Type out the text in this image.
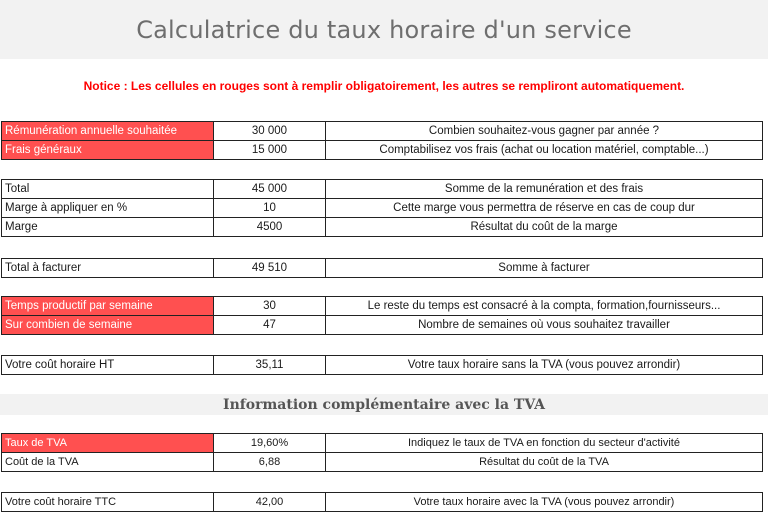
Calculatrice du taux horaire d'un service
Notice : Les cellules en rouges sont à remplir obligatoirement, les autres se rempliront automatiquement.
Rémunération annuelle souhaitée	30 000	Combien souhaitez-vous gagner par année ?
Frais généraux	15 000	Comptabilisez vos frais (achat ou location matériel, comptable...)
Total	45 000	Somme de la remunération et des frais
Marge à appliquer en %	10	Cette marge vous permettra de réserve en cas de coup dur
Marge	4500	Résultat du coût de la marge
Total à facturer	49 510	Somme à facturer
Temps productif par semaine	30	Le reste du temps est consacré à la compta, formation,fournisseurs...
Sur combien de semaine	47	Nombre de semaines où vous souhaitez travailler
Votre coût horaire HT	35,11	Votre taux horaire sans la TVA (vous pouvez arrondir)
Information complémentaire avec la TVA
Taux de TVA	19,60%	Indiquez le taux de TVA en fonction du secteur d'activité
Coût de la TVA	6,88	Résultat du coût de la TVA
Votre coût horaire TTC	42,00	Votre taux horaire avec la TVA (vous pouvez arrondir)
